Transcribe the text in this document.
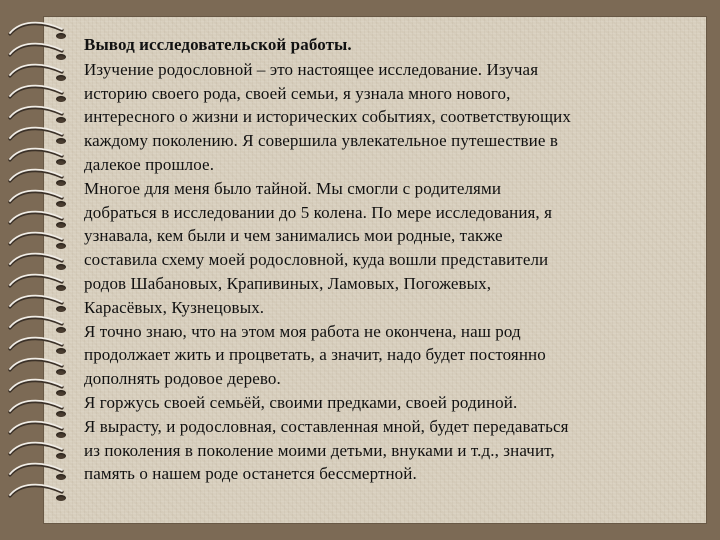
Вывод исследовательской работы.
Изучение родословной – это настоящее исследование. Изучая
историю своего рода, своей семьи, я узнала много нового,
интересного о жизни и исторических событиях, соответствующих
каждому поколению. Я совершила увлекательное путешествие в
далекое прошлое.
Многое для меня было тайной. Мы смогли с родителями
добраться в исследовании до 5 колена. По мере исследования, я
узнавала, кем были и чем занимались мои родные, также
составила схему моей родословной, куда вошли представители
родов Шабановых, Крапивиных, Ламовых, Погожевых,
Карасёвых, Кузнецовых.
Я точно знаю, что на этом моя работа не окончена, наш род
продолжает жить и процветать, а значит, надо будет постоянно
дополнять родовое дерево.
Я горжусь своей семьёй, своими предками, своей родиной.
Я вырасту, и родословная, составленная мной, будет передаваться
из поколения в поколение моими детьми, внуками и т.д., значит,
память о нашем роде останется бессмертной.
